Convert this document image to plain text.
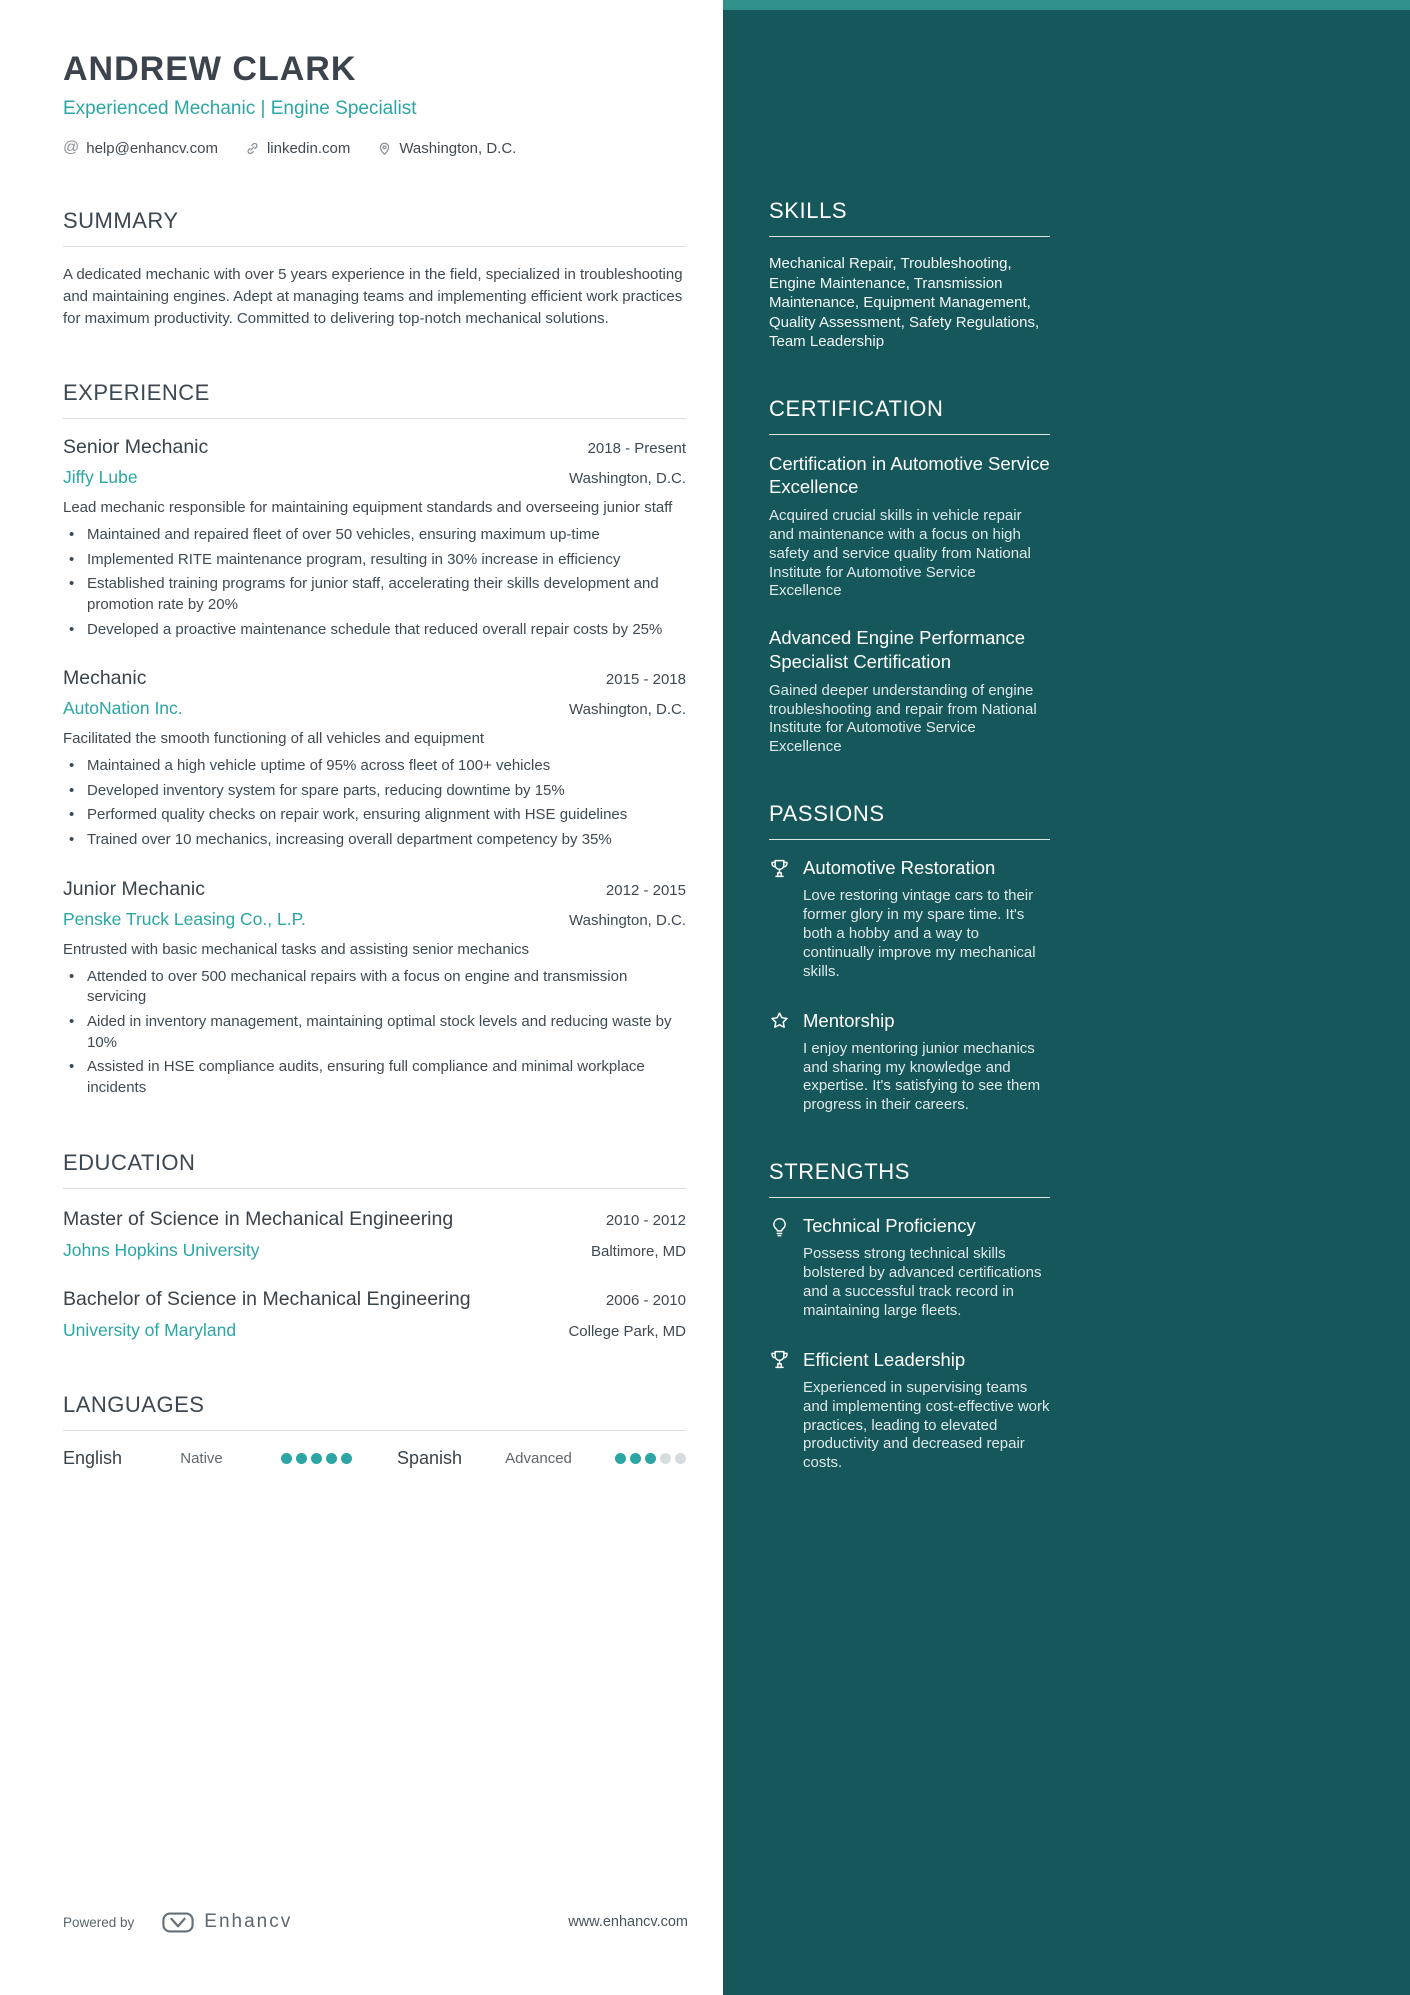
SKILLS

Mechanical Repair, Troubleshooting, Engine Maintenance, Transmission Maintenance, Equipment Management, Quality Assessment, Safety Regulations, Team Leadership

CERTIFICATION
Certification in Automotive Service Excellence

Acquired crucial skills in vehicle repair and maintenance with a focus on high safety and service quality from National Institute for Automotive Service Excellence

Advanced Engine Performance Specialist Certification

Gained deeper understanding of engine troubleshooting and repair from National Institute for Automotive Service Excellence

PASSIONS
Automotive Restoration

Love restoring vintage cars to their former glory in my spare time. It's both a hobby and a way to continually improve my mechanical skills.

Mentorship

I enjoy mentoring junior mechanics and sharing my knowledge and expertise. It's satisfying to see them progress in their careers.

STRENGTHS
Technical Proficiency

Possess strong technical skills bolstered by advanced certifications and a successful track record in maintaining large fleets.

Efficient Leadership

Experienced in supervising teams and implementing cost-effective work practices, leading to elevated productivity and decreased repair costs.

ANDREW CLARK
Experienced Mechanic | Engine Specialist
@
help@enhancv.com	linkedin.com	Washington, D.C.
SUMMARY

A dedicated mechanic with over 5 years experience in the field, specialized in troubleshooting and maintaining engines. Adept at managing teams and implementing efficient work practices for maximum productivity. Committed to delivering top-notch mechanical solutions.

EXPERIENCE
Senior Mechanic	2018 - Present
Jiffy Lube	Washington, D.C.

Lead mechanic responsible for maintaining equipment standards and overseeing junior staff

• Maintained and repaired fleet of over 50 vehicles, ensuring maximum up-time
• Implemented RITE maintenance program, resulting in 30% increase in efficiency
• Established training programs for junior staff, accelerating their skills development and promotion rate by 20%
• Developed a proactive maintenance schedule that reduced overall repair costs by 25%
Mechanic	2015 - 2018
AutoNation Inc.	Washington, D.C.

Facilitated the smooth functioning of all vehicles and equipment

• Maintained a high vehicle uptime of 95% across fleet of 100+ vehicles
• Developed inventory system for spare parts, reducing downtime by 15%
• Performed quality checks on repair work, ensuring alignment with HSE guidelines
• Trained over 10 mechanics, increasing overall department competency by 35%
Junior Mechanic	2012 - 2015
Penske Truck Leasing Co., L.P.	Washington, D.C.

Entrusted with basic mechanical tasks and assisting senior mechanics

• Attended to over 500 mechanical repairs with a focus on engine and transmission servicing
• Aided in inventory management, maintaining optimal stock levels and reducing waste by 10%
• Assisted in HSE compliance audits, ensuring full compliance and minimal workplace incidents
EDUCATION
Master of Science in Mechanical Engineering	2010 - 2012
Johns Hopkins University	Baltimore, MD
Bachelor of Science in Mechanical Engineering	2006 - 2010
University of Maryland	College Park, MD
LANGUAGES
English	Native	Spanish	Advanced
Powered by	Enhancv	www.enhancv.com
